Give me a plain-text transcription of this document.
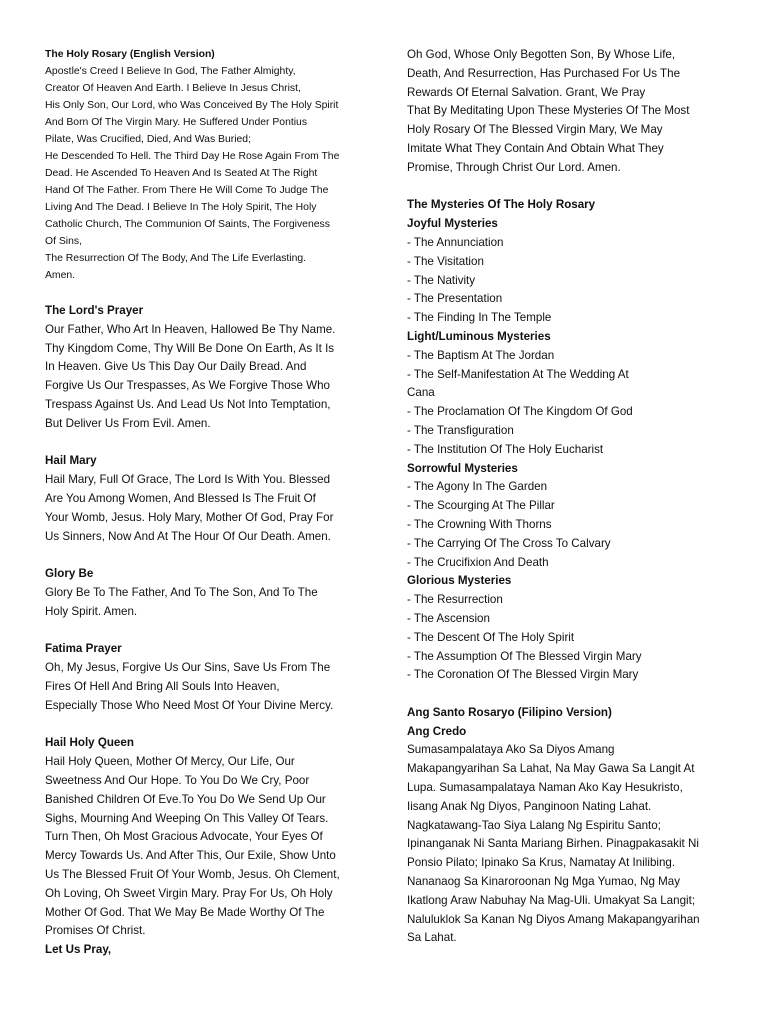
The Holy Rosary (English Version)
Apostle's Creed I Believe In God, The Father Almighty,
Creator Of Heaven And Earth. I Believe In Jesus Christ,
His Only Son, Our Lord, who Was Conceived By The Holy Spirit
And Born Of The Virgin Mary. He Suffered Under Pontius
Pilate, Was Crucified, Died, And Was Buried;
He Descended To Hell. The Third Day He Rose Again From The
Dead. He Ascended To Heaven And Is Seated At The Right
Hand Of The Father. From There He Will Come To Judge The
Living And The Dead. I Believe In The Holy Spirit, The Holy
Catholic Church, The Communion Of Saints, The Forgiveness
Of Sins,
The Resurrection Of The Body, And The Life Everlasting.
Amen.
The Lord's Prayer
Our Father, Who Art In Heaven, Hallowed Be Thy Name.
Thy Kingdom Come, Thy Will Be Done On Earth, As It Is
In Heaven. Give Us This Day Our Daily Bread. And
Forgive Us Our Trespasses, As We Forgive Those Who
Trespass Against Us. And Lead Us Not Into Temptation,
But Deliver Us From Evil. Amen.
Hail Mary
Hail Mary, Full Of Grace, The Lord Is With You. Blessed
Are You Among Women, And Blessed Is The Fruit Of
Your Womb, Jesus. Holy Mary, Mother Of God, Pray For
Us Sinners, Now And At The Hour Of Our Death. Amen.
Glory Be
Glory Be To The Father, And To The Son, And To The
Holy Spirit. Amen.
Fatima Prayer
Oh, My Jesus, Forgive Us Our Sins, Save Us From The
Fires Of Hell And Bring All Souls Into Heaven,
Especially Those Who Need Most Of Your Divine Mercy.
Hail Holy Queen
Hail Holy Queen, Mother Of Mercy, Our Life, Our
Sweetness And Our Hope. To You Do We Cry, Poor
Banished Children Of Eve.To You Do We Send Up Our
Sighs, Mourning And Weeping On This Valley Of Tears.
Turn Then, Oh Most Gracious Advocate, Your Eyes Of
Mercy Towards Us. And After This, Our Exile, Show Unto
Us The Blessed Fruit Of Your Womb, Jesus. Oh Clement,
Oh Loving, Oh Sweet Virgin Mary. Pray For Us, Oh Holy
Mother Of God. That We May Be Made Worthy Of The
Promises Of Christ.
Let Us Pray,
Oh God, Whose Only Begotten Son, By Whose Life,
Death, And Resurrection, Has Purchased For Us The
Rewards Of Eternal Salvation. Grant, We Pray
That By Meditating Upon These Mysteries Of The Most
Holy Rosary Of The Blessed Virgin Mary, We May
Imitate What They Contain And Obtain What They
Promise, Through Christ Our Lord. Amen.
The Mysteries Of The Holy Rosary
Joyful Mysteries
- The Annunciation
- The Visitation
- The Nativity
- The Presentation
- The Finding In The Temple
Light/Luminous Mysteries
- The Baptism At The Jordan
- The Self-Manifestation At The Wedding At
Cana
- The Proclamation Of The Kingdom Of God
- The Transfiguration
- The Institution Of The Holy Eucharist
Sorrowful Mysteries
- The Agony In The Garden
- The Scourging At The Pillar
- The Crowning With Thorns
- The Carrying Of The Cross To Calvary
- The Crucifixion And Death
Glorious Mysteries
- The Resurrection
- The Ascension
- The Descent Of The Holy Spirit
- The Assumption Of The Blessed Virgin Mary
- The Coronation Of The Blessed Virgin Mary
Ang Santo Rosaryo (Filipino Version)
Ang Credo
Sumasampalataya Ako Sa Diyos Amang
Makapangyarihan Sa Lahat, Na May Gawa Sa Langit At
Lupa. Sumasampalataya Naman Ako Kay Hesukristo,
Iisang Anak Ng Diyos, Panginoon Nating Lahat.
Nagkatawang-Tao Siya Lalang Ng Espiritu Santo;
Ipinanganak Ni Santa Mariang Birhen. Pinagpakasakit Ni
Ponsio Pilato; Ipinako Sa Krus, Namatay At Inilibing.
Nananaog Sa Kinaroroonan Ng Mga Yumao, Ng May
Ikatlong Araw Nabuhay Na Mag-Uli. Umakyat Sa Langit;
Naluluklok Sa Kanan Ng Diyos Amang Makapangyarihan
Sa Lahat.
